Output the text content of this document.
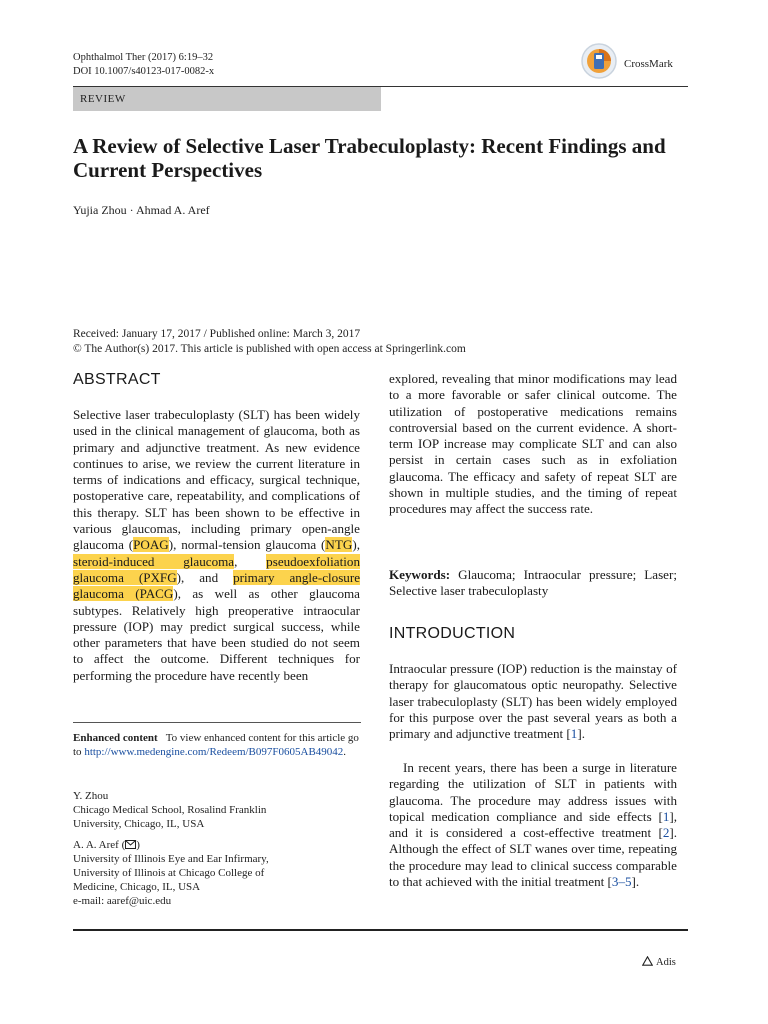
Ophthalmol Ther (2017) 6:19–32
DOI 10.1007/s40123-017-0082-x
CrossMark
REVIEW
A Review of Selective Laser Trabeculoplasty: Recent Findings and Current Perspectives
Yujia Zhou · Ahmad A. Aref
Received: January 17, 2017 / Published online: March 3, 2017
© The Author(s) 2017. This article is published with open access at Springerlink.com
ABSTRACT

Selective laser trabeculoplasty (SLT) has been widely used in the clinical management of glaucoma, both as primary and adjunctive treatment. As new evidence continues to arise, we review the current literature in terms of indications and efficacy, surgical technique, postoperative care, repeatability, and complications of this therapy. SLT has been shown to be effective in various glaucomas, including primary open-angle glaucoma (POAG), normal-tension glaucoma (NTG), steroid-induced glaucoma, pseudoexfoliation glaucoma (PXFG), and primary angle-closure glaucoma (PACG), as well as other glaucoma subtypes. Relatively high preoperative intraocular pressure (IOP) may predict surgical success, while other parameters that have been studied do not seem to affect the outcome. Different techniques for performing the procedure have recently been

Enhanced content To view enhanced content for this article go to http://www.medengine.com/Redeem/B097F0605AB49042.
Y. Zhou
Chicago Medical School, Rosalind Franklin
University, Chicago, IL, USA
A. A. Aref ( )
University of Illinois Eye and Ear Infirmary,
University of Illinois at Chicago College of
Medicine, Chicago, IL, USA
e-mail: aaref@uic.edu

explored, revealing that minor modifications may lead to a more favorable or safer clinical outcome. The utilization of postoperative medications remains controversial based on the current evidence. A short-term IOP increase may complicate SLT and can also persist in certain cases such as in exfoliation glaucoma. The efficacy and safety of repeat SLT are shown in multiple studies, and the timing of repeat procedures may affect the success rate.

Keywords: Glaucoma; Intraocular pressure; Laser; Selective laser trabeculoplasty

INTRODUCTION

Intraocular pressure (IOP) reduction is the mainstay of therapy for glaucomatous optic neuropathy. Selective laser trabeculoplasty (SLT) has been widely employed for this purpose over the past several years as both a primary and adjunctive treatment [1].

In recent years, there has been a surge in literature regarding the utilization of SLT in patients with glaucoma. The procedure may address issues with topical medication compliance and side effects [1], and it is considered a cost-effective treatment [2]. Although the effect of SLT wanes over time, repeating the procedure may lead to clinical success comparable to that achieved with the initial treatment [3–5].

Adis
